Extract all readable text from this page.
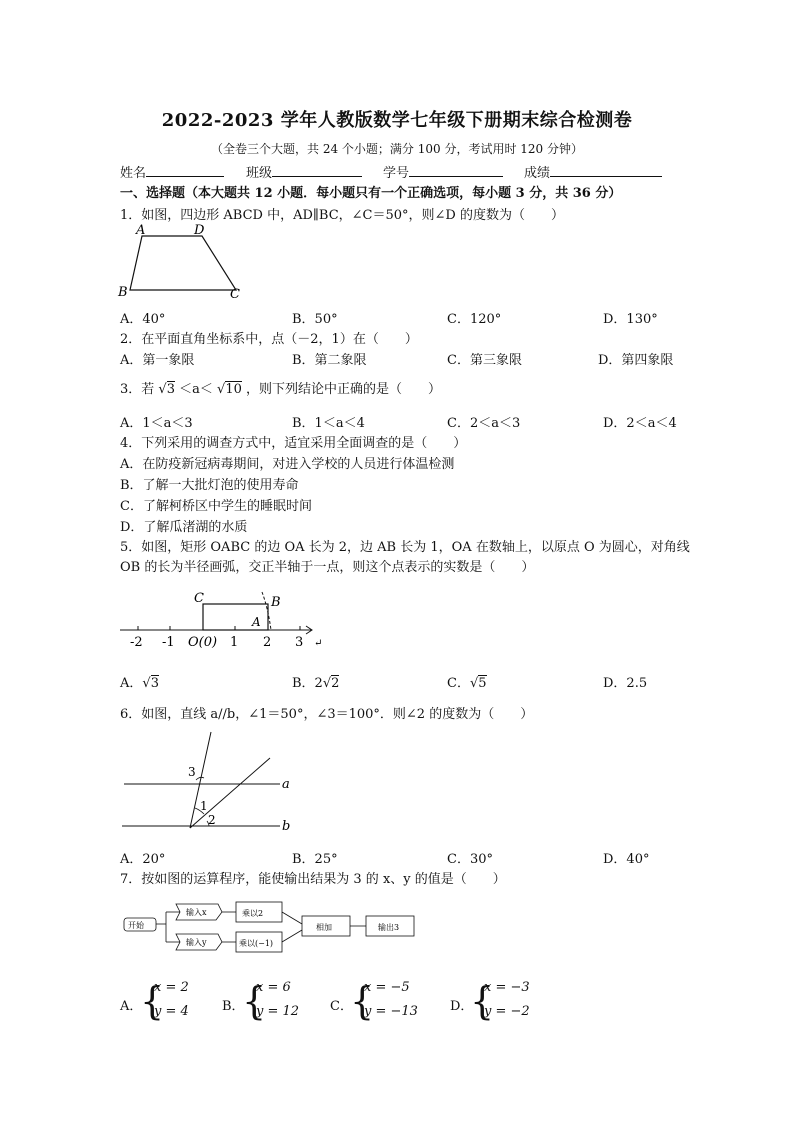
2022-2023 学年人教版数学七年级下册期末综合检测卷
（全卷三个大题，共 24 个小题；满分 100 分，考试用时 120 分钟）
姓名	班级	学号	成绩
一、选择题（本大题共 12 小题．每小题只有一个正确选项，每小题 3 分，共 36 分）
1．如图，四边形 ABCD 中，AD∥BC，∠C＝50°，则∠D 的度数为（　　）
A	D
B	C
A．40°	B．50°	C．120°	D．130°
2．在平面直角坐标系中，点（－2，1）在（　　）
A．第一象限	B．第二象限	C．第三象限	D．第四象限
3．若 √3 ＜a＜ √10 ，则下列结论中正确的是（　　）
A．1＜a＜3	B．1＜a＜4	C．2＜a＜3	D．2＜a＜4
4．下列采用的调查方式中，适宜采用全面调查的是（　　）
A．在防疫新冠病毒期间，对进入学校的人员进行体温检测
B．了解一大批灯泡的使用寿命
C．了解柯桥区中学生的睡眠时间
D．了解瓜渚湖的水质
5．如图，矩形 OABC 的边 OA 长为 2，边 AB 长为 1，OA 在数轴上，以原点 O 为圆心，对角线
OB 的长为半径画弧，交正半轴于一点，则这个点表示的实数是（　　）
C	B
A
-2 -1 O(0) 1 2 3 ↵
A．√3	B．2√2	C．√5	D．2.5
6．如图，直线 a//b，∠1＝50°，∠3＝100°．则∠2 的度数为（　　）
a
b
1
2
3
A．20°	B．25°	C．30°	D．40°
7．按如图的运算程序，能使输出结果为 3 的 x、y 的值是（　　）
开始
输入x
输入y
乘以2
乘以(−1)
相加	输出3
A．
{
x = 2
y = 4	B．
{
x = 6
y = 12 C．
{
x = −5
y = −13 D．
{
x = −3
y = −2
